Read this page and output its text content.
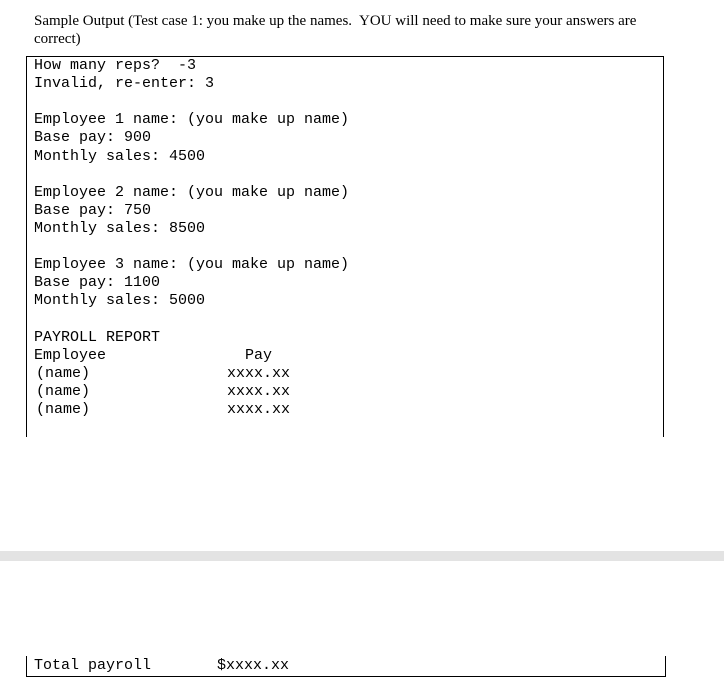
Sample Output (Test case 1: you make up the names.  YOU will need to make sure your answers are correct)
How many reps?  -3
Invalid, re-enter: 3
Employee 1 name: (you make up name)
Base pay: 900
Monthly sales: 4500
Employee 2 name: (you make up name)
Base pay: 750
Monthly sales: 8500
Employee 3 name: (you make up name)
Base pay: 1100
Monthly sales: 5000
PAYROLL REPORT
Employee	Pay
(name)	xxxx.xx
(name)	xxxx.xx
(name)	xxxx.xx
Total payroll	$xxxx.xx
